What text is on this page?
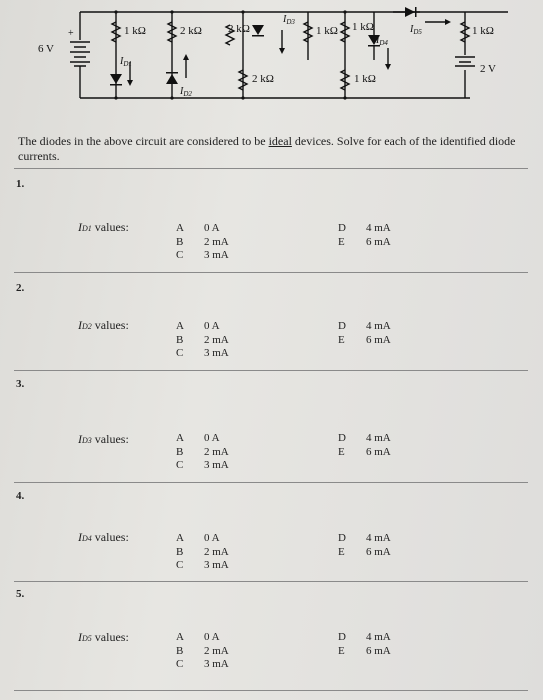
6 V
2 V
+	1 kΩ	2 kΩ 2 kΩ	1 kΩ 1 kΩ	1 kΩ
2 kΩ	1 kΩ
$I_{D1}$
$I_{D2}$
$I_{D3}$
$I_{D4}$
$I_{D5}$
The diodes in the above circuit are considered to be ideal devices. Solve for each of the identified diode currents.
1.
ID1 values:	A 0 A
B 2 mA
C 3 mA
D 4 mA
E 6 mA
2.
ID2 values:	A 0 A
B 2 mA
C 3 mA
D 4 mA
E 6 mA
3.
ID3 values:	A 0 A
B 2 mA
C 3 mA
D 4 mA
E 6 mA
4.
ID4 values:	A 0 A
B 2 mA
C 3 mA
D 4 mA
E 6 mA
5.
ID5 values:	A 0 A
B 2 mA
C 3 mA
D 4 mA
E 6 mA
